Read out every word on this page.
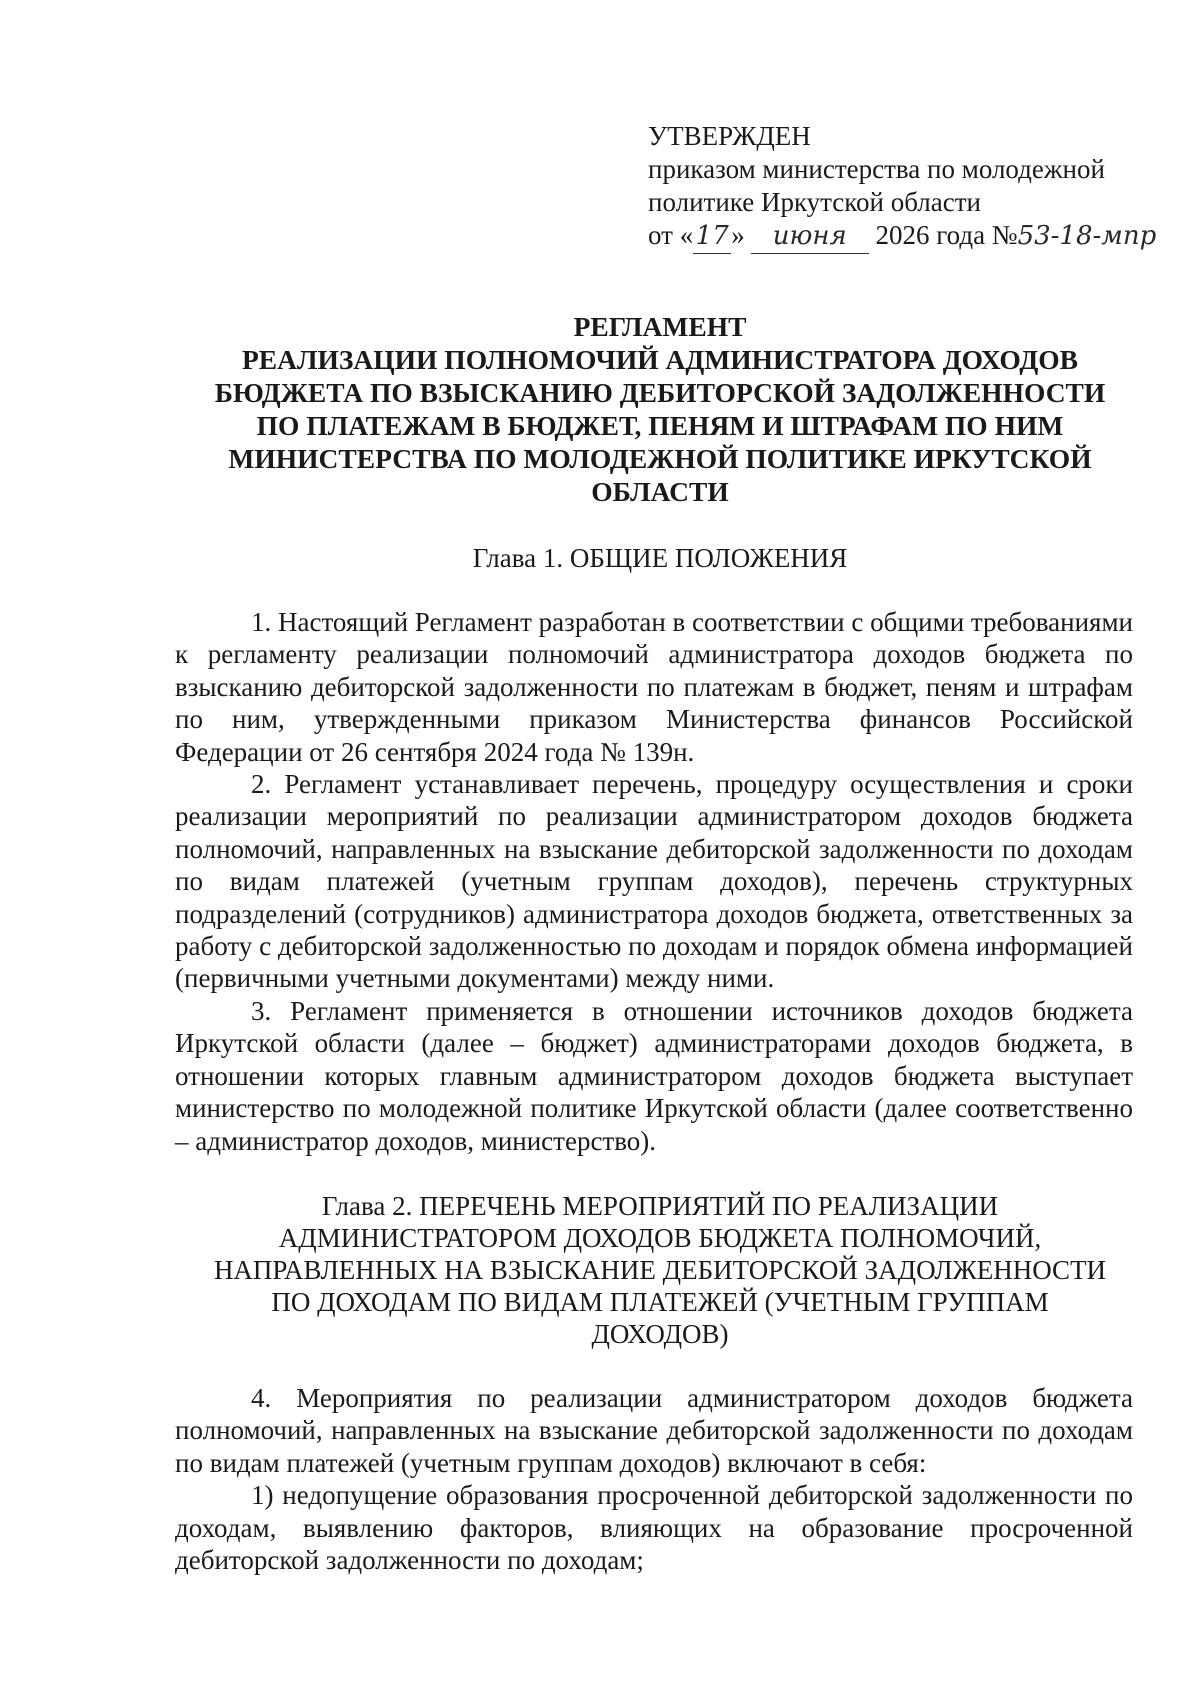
УТВЕРЖДЕН
приказом министерства по молодежной
политике Иркутской области
от «17» июня 2026 года №53-18-мпр
РЕГЛАМЕНТ
РЕАЛИЗАЦИИ ПОЛНОМОЧИЙ АДМИНИСТРАТОРА ДОХОДОВ
БЮДЖЕТА ПО ВЗЫСКАНИЮ ДЕБИТОРСКОЙ ЗАДОЛЖЕННОСТИ
ПО ПЛАТЕЖАМ В БЮДЖЕТ, ПЕНЯМ И ШТРАФАМ ПО НИМ
МИНИСТЕРСТВА ПО МОЛОДЕЖНОЙ ПОЛИТИКЕ ИРКУТСКОЙ
ОБЛАСТИ
Глава 1. ОБЩИЕ ПОЛОЖЕНИЯ

1. Настоящий Регламент разработан в соответствии с общими требованиями к регламенту реализации полномочий администратора доходов бюджета по взысканию дебиторской задолженности по платежам в бюджет, пеням и штрафам по ним, утвержденными приказом Министерства финансов Российской Федерации от 26 сентября 2024 года № 139н.

2. Регламент устанавливает перечень, процедуру осуществления и сроки реализации мероприятий по реализации администратором доходов бюджета полномочий, направленных на взыскание дебиторской задолженности по доходам по видам платежей (учетным группам доходов), перечень структурных подразделений (сотрудников) администратора доходов бюджета, ответственных за работу с дебиторской задолженностью по доходам и порядок обмена информацией (первичными учетными документами) между ними.

3. Регламент применяется в отношении источников доходов бюджета Иркутской области (далее – бюджет) администраторами доходов бюджета, в отношении которых главным администратором доходов бюджета выступает министерство по молодежной политике Иркутской области (далее соответственно – администратор доходов, министерство).

Глава 2. ПЕРЕЧЕНЬ МЕРОПРИЯТИЙ ПО РЕАЛИЗАЦИИ
АДМИНИСТРАТОРОМ ДОХОДОВ БЮДЖЕТА ПОЛНОМОЧИЙ,
НАПРАВЛЕННЫХ НА ВЗЫСКАНИЕ ДЕБИТОРСКОЙ ЗАДОЛЖЕННОСТИ
ПО ДОХОДАМ ПО ВИДАМ ПЛАТЕЖЕЙ (УЧЕТНЫМ ГРУППАМ
ДОХОДОВ)

4. Мероприятия по реализации администратором доходов бюджета полномочий, направленных на взыскание дебиторской задолженности по доходам по видам платежей (учетным группам доходов) включают в себя:

1) недопущение образования просроченной дебиторской задолженности по доходам, выявлению факторов, влияющих на образование просроченной дебиторской задолженности по доходам;
